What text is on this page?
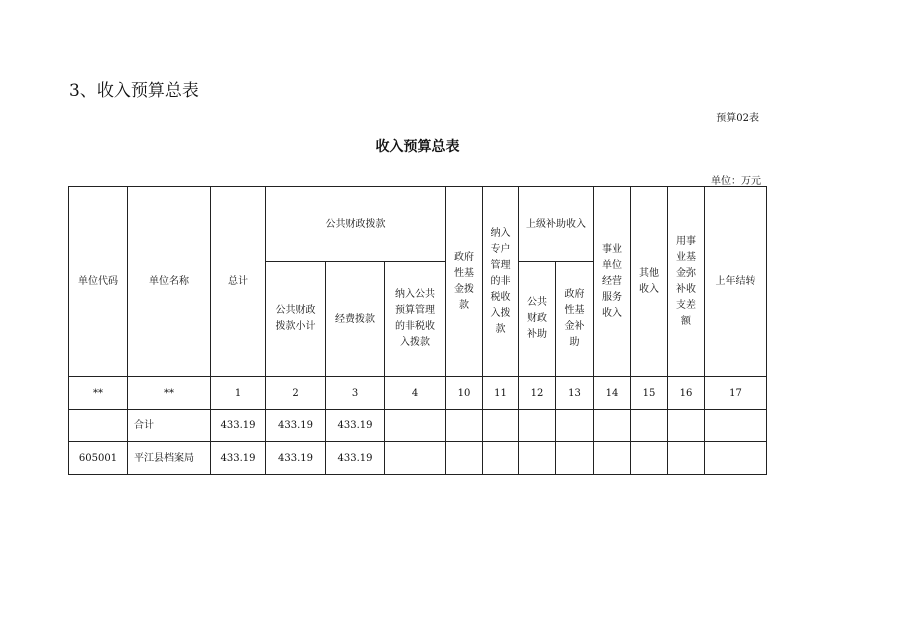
3、收入预算总表
预算02表
收入预算总表
单位：万元
单位代码	单位名称	总计	公共财政拨款			政府性基金拨款	纳入专户管理的非税收入拨款	上级补助收入		事业单位经营服务收入	其他收入	用事业基金弥补收支差额	上年结转
			公共财政拨款小计	经费拨款	纳入公共预算管理的非税收入拨款			公共财政补助	政府性基金补助				
**	**	1	2	3	4	10	11	12	13	14	15	16	17
	合计	433.19	433.19	433.19									
605001	平江县档案局	433.19	433.19	433.19									
